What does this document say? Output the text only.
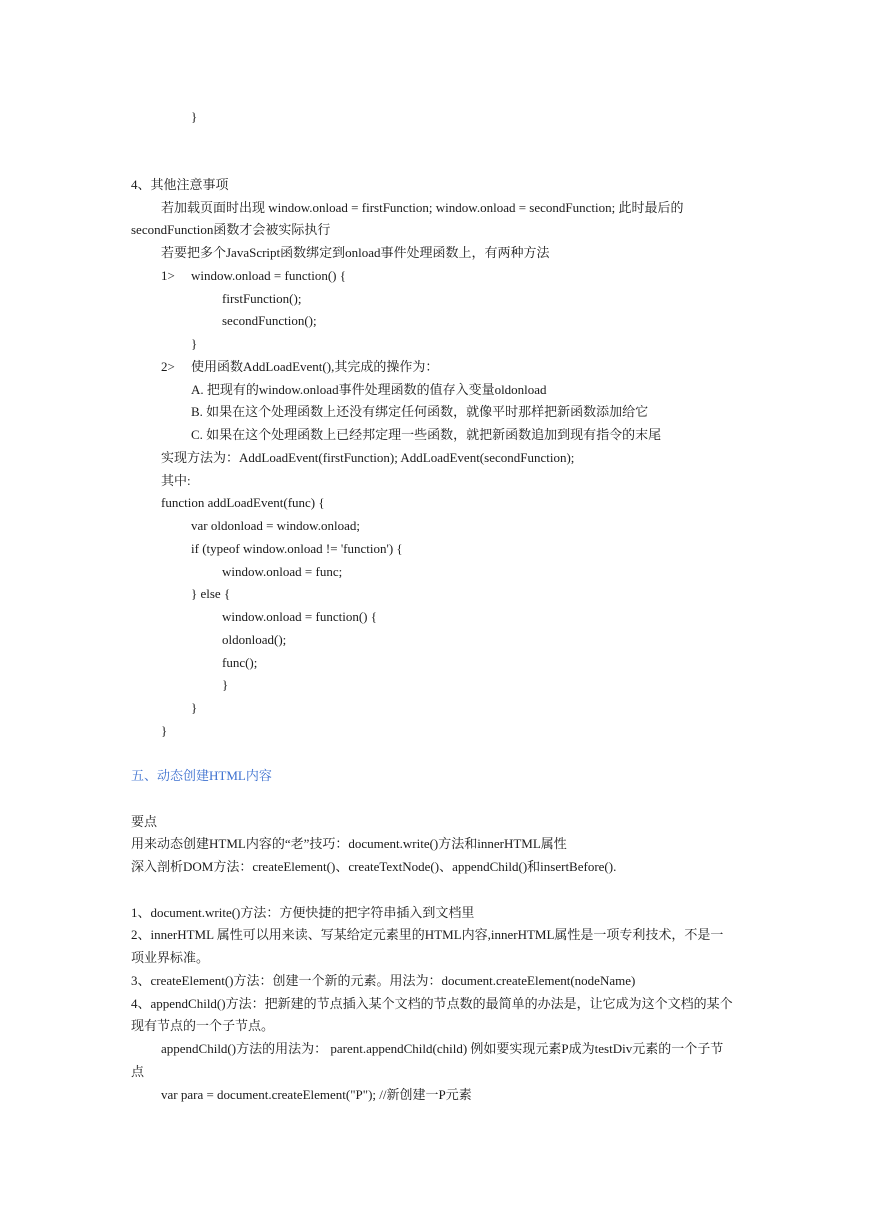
}
4、其他注意事项
若加载页面时出现 window.onload = firstFunction; window.onload = secondFunction; 此时最后的
secondFunction函数才会被实际执行
若要把多个JavaScript函数绑定到onload事件处理函数上，有两种方法
1> window.onload = function() {
firstFunction();
secondFunction();
}
2> 使用函数AddLoadEvent(),其完成的操作为：
A. 把现有的window.onload事件处理函数的值存入变量oldonload
B. 如果在这个处理函数上还没有绑定任何函数，就像平时那样把新函数添加给它
C. 如果在这个处理函数上已经邦定理一些函数，就把新函数追加到现有指令的末尾
实现方法为：AddLoadEvent(firstFunction); AddLoadEvent(secondFunction);
其中:
function addLoadEvent(func) {
var oldonload = window.onload;
if (typeof window.onload != 'function') {
window.onload = func;
} else {
window.onload = function() {
oldonload();
func();
}
}
}
五、动态创建HTML内容
要点
用来动态创建HTML内容的“老”技巧：document.write()方法和innerHTML属性
深入剖析DOM方法：createElement()、createTextNode()、appendChild()和insertBefore().
1、document.write()方法：方便快捷的把字符串插入到文档里
2、innerHTML 属性可以用来读、写某给定元素里的HTML内容,innerHTML属性是一项专利技术，不是一
项业界标准。
3、createElement()方法：创建一个新的元素。用法为：document.createElement(nodeName)
4、appendChild()方法：把新建的节点插入某个文档的节点数的最简单的办法是，让它成为这个文档的某个
现有节点的一个子节点。
appendChild()方法的用法为： parent.appendChild(child) 例如要实现元素P成为testDiv元素的一个子节
点
var para = document.createElement("P"); //新创建一P元素
